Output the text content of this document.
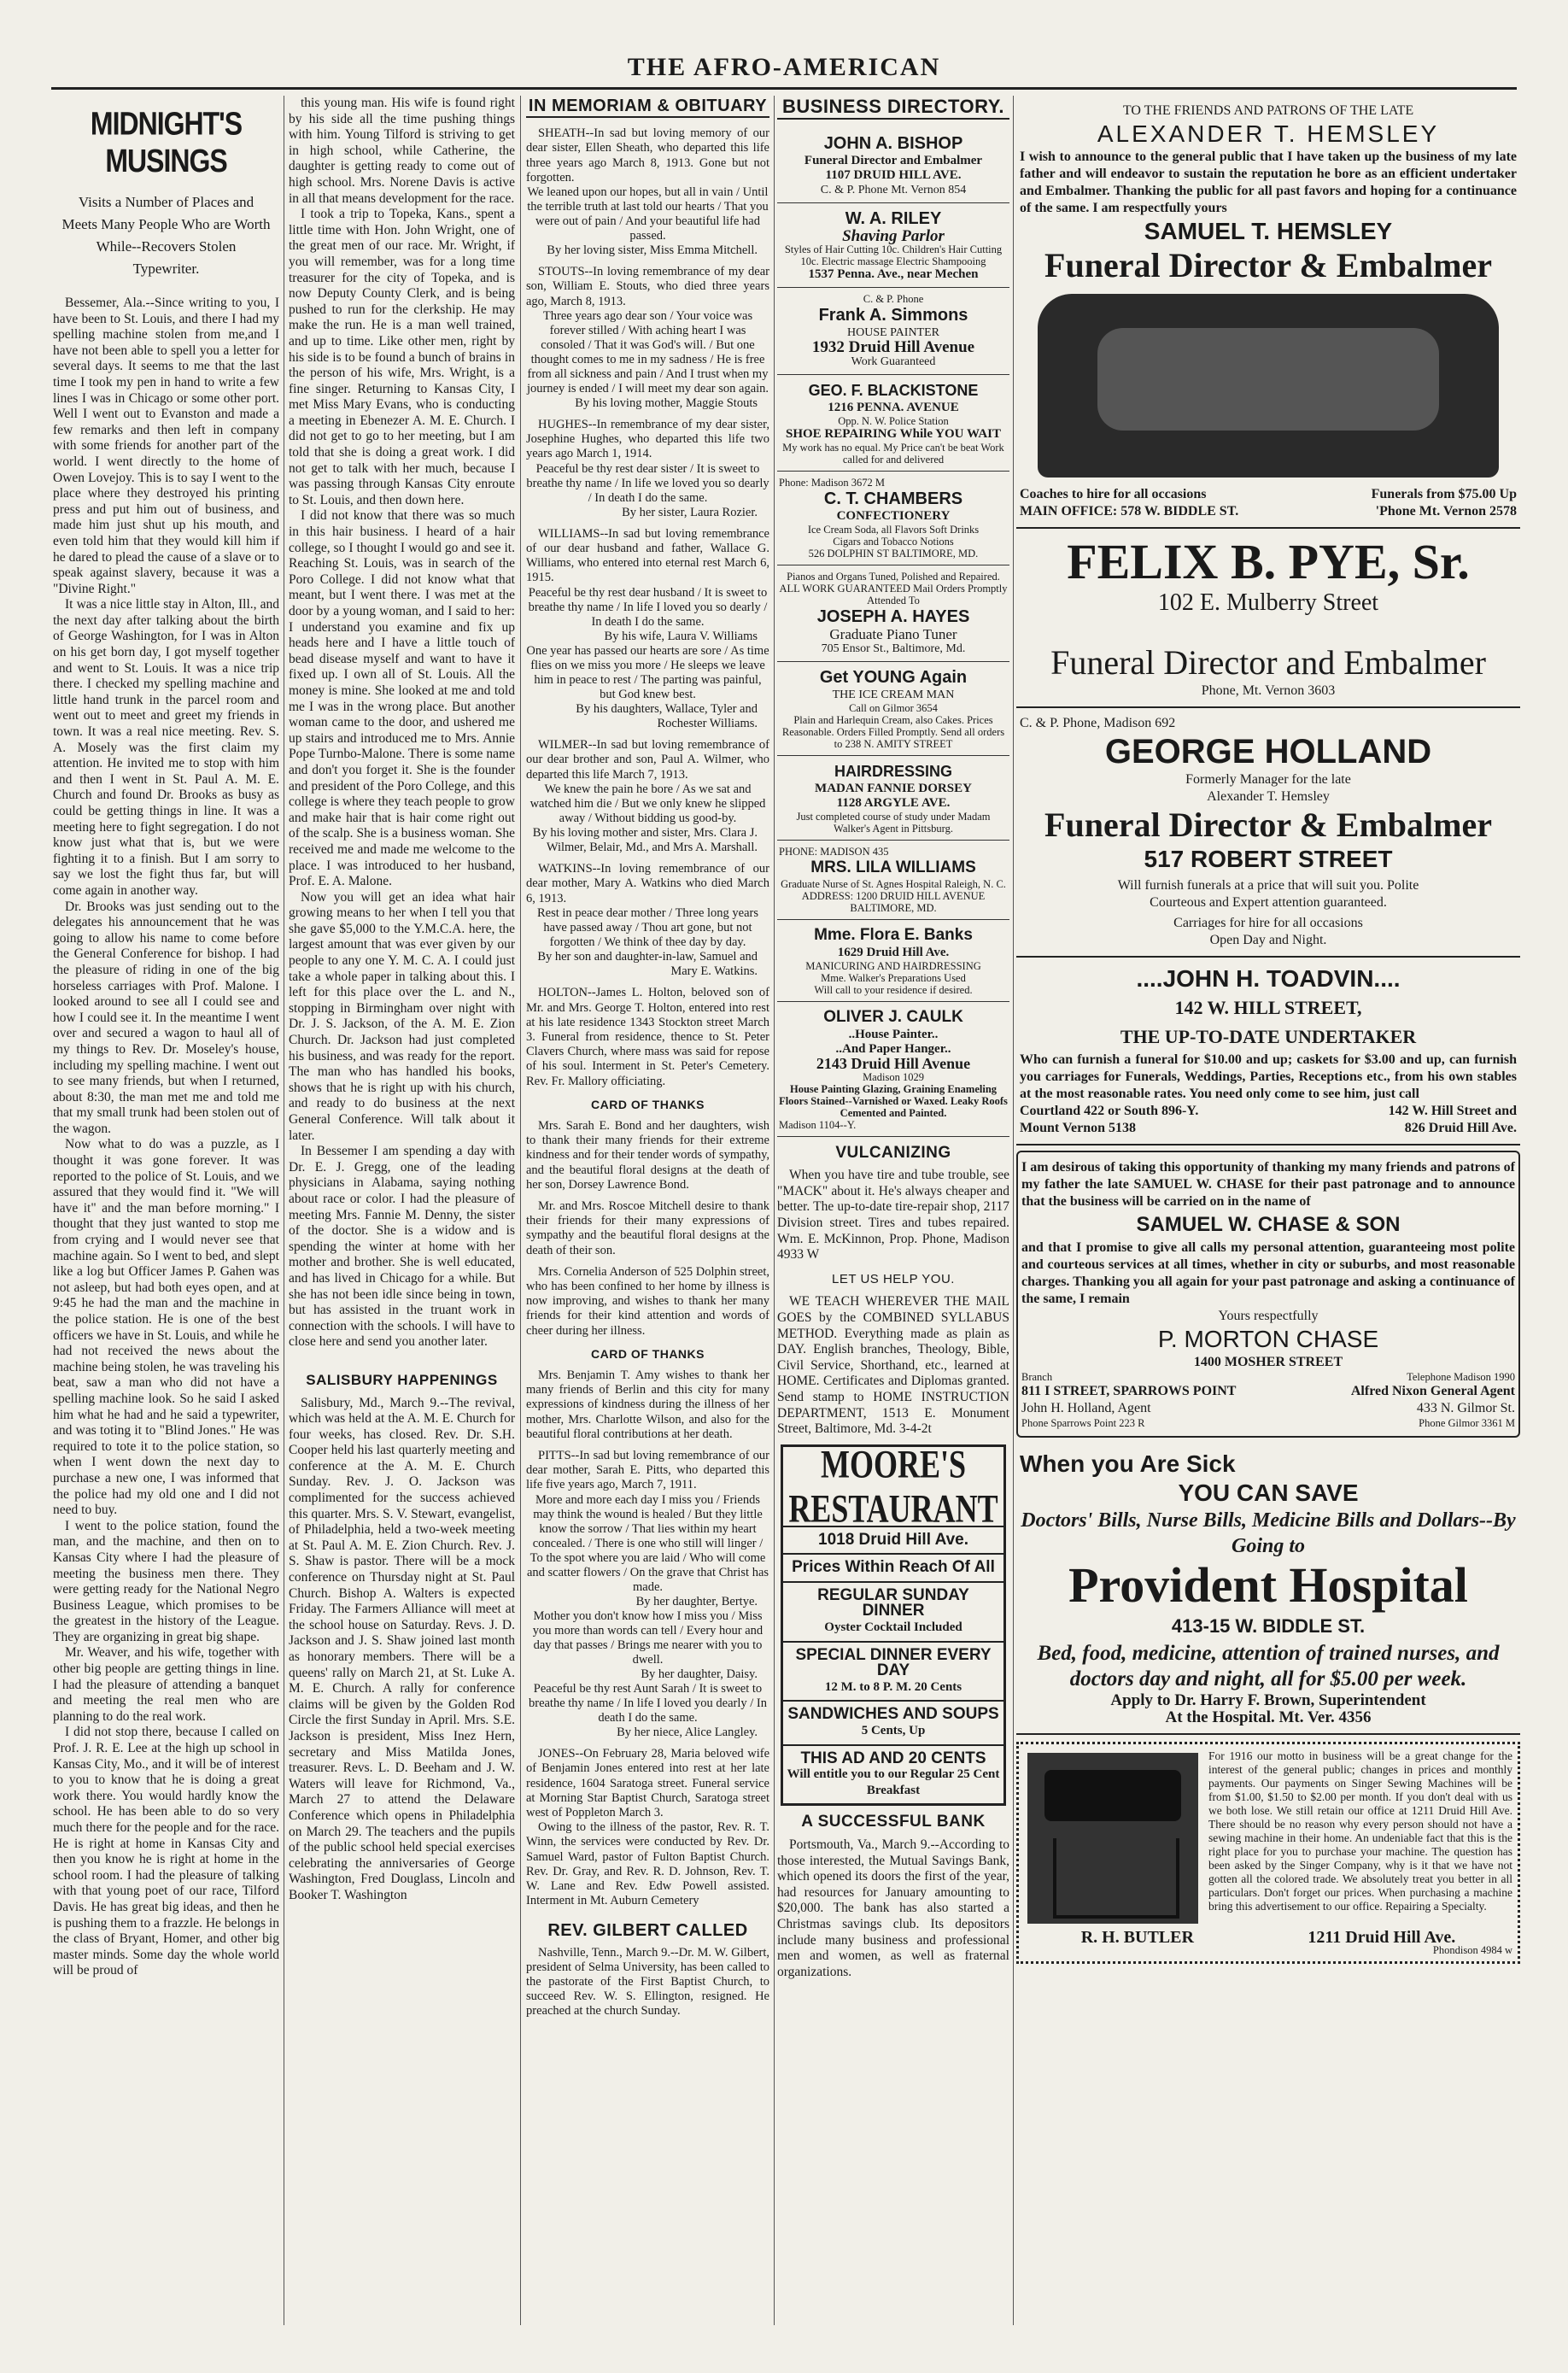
THE AFRO-AMERICAN
MIDNIGHT'S MUSINGS
Visits a Number of Places and Meets Many People Who are Worth While--Recovers Stolen Typewriter.

Bessemer, Ala.--Since writing to you, I have been to St. Louis, and there I had my spelling machine stolen from me,and I have not been able to spell you a letter for several days. It seems to me that the last time I took my pen in hand to write a few lines I was in Chicago or some other port. Well I went out to Evanston and made a few remarks and then left in company with some friends for another part of the world. I went directly to the home of Owen Lovejoy. This is to say I went to the place where they destroyed his printing press and put him out of business, and made him just shut up his mouth, and even told him that they would kill him if he dared to plead the cause of a slave or to speak against slavery, because it was a "Divine Right."

It was a nice little stay in Alton, Ill., and the next day after talking about the birth of George Washington, for I was in Alton on his get born day, I got myself together and went to St. Louis. It was a nice trip there. I checked my spelling machine and little hand trunk in the parcel room and went out to meet and greet my friends in town. It was a real nice meeting. Rev. S. A. Mosely was the first claim my attention. He invited me to stop with him and then I went in St. Paul A. M. E. Church and found Dr. Brooks as busy as could be getting things in line. It was a meeting here to fight segregation. I do not know just what that is, but we were fighting it to a finish. But I am sorry to say we lost the fight thus far, but will come again in another way.

Dr. Brooks was just sending out to the delegates his announcement that he was going to allow his name to come before the General Conference for bishop. I had the pleasure of riding in one of the big horseless carriages with Prof. Malone. I looked around to see all I could see and how I could see it. In the meantime I went over and secured a wagon to haul all of my things to Rev. Dr. Moseley's house, including my spelling machine. I went out to see many friends, but when I returned, about 8:30, the man met me and told me that my small trunk had been stolen out of the wagon.

Now what to do was a puzzle, as I thought it was gone forever. It was reported to the police of St. Louis, and we assured that they would find it. "We will have it" and the man before morning." I thought that they just wanted to stop me from crying and I would never see that machine again. So I went to bed, and slept like a log but Officer James P. Gahen was not asleep, but had both eyes open, and at 9:45 he had the man and the machine in the police station. He is one of the best officers we have in St. Louis, and while he had not received the news about the machine being stolen, he was traveling his beat, saw a man who did not have a spelling machine look. So he said I asked him what he had and he said a typewriter, and was toting it to "Blind Jones." He was required to tote it to the police station, so when I went down the next day to purchase a new one, I was informed that the police had my old one and I did not need to buy.

I went to the police station, found the man, and the machine, and then on to Kansas City where I had the pleasure of meeting the business men there. They were getting ready for the National Negro Business League, which promises to be the greatest in the history of the League. They are organizing in great big shape.

Mr. Weaver, and his wife, together with other big people are getting things in line. I had the pleasure of attending a banquet and meeting the real men who are planning to do the real work.

I did not stop there, because I called on Prof. J. R. E. Lee at the high up school in Kansas City, Mo., and it will be of interest to you to know that he is doing a great work there. You would hardly know the school. He has been able to do so very much there for the people and for the race. He is right at home in Kansas City and then you know he is right at home in the school room. I had the pleasure of talking with that young poet of our race, Tilford Davis. He has great big ideas, and then he is pushing them to a frazzle. He belongs in the class of Bryant, Homer, and other big master minds. Some day the whole world will be proud of

this young man. His wife is found right by his side all the time pushing things with him. Young Tilford is striving to get in high school, while Catherine, the daughter is getting ready to come out of high school. Mrs. Norene Davis is active in all that means development for the race.

I took a trip to Topeka, Kans., spent a little time with Hon. John Wright, one of the great men of our race. Mr. Wright, if you will remember, was for a long time treasurer for the city of Topeka, and is now Deputy County Clerk, and is being pushed to run for the clerkship. He may make the run. He is a man well trained, and up to time. Like other men, right by his side is to be found a bunch of brains in the person of his wife, Mrs. Wright, is a fine singer. Returning to Kansas City, I met Miss Mary Evans, who is conducting a meeting in Ebenezer A. M. E. Church. I did not get to go to her meeting, but I am told that she is doing a great work. I did not get to talk with her much, because I was passing through Kansas City enroute to St. Louis, and then down here.

I did not know that there was so much in this hair business. I heard of a hair college, so I thought I would go and see it. Reaching St. Louis, was in search of the Poro College. I did not know what that meant, but I went there. I was met at the door by a young woman, and I said to her: I understand you examine and fix up heads here and I have a little touch of bead disease myself and want to have it fixed up. I own all of St. Louis. All the money is mine. She looked at me and told me I was in the wrong place. But another woman came to the door, and ushered me up stairs and introduced me to Mrs. Annie Pope Turnbo-Malone. There is some name and don't you forget it. She is the founder and president of the Poro College, and this college is where they teach people to grow and make hair that is hair come right out of the scalp. She is a business woman. She received me and made me welcome to the place. I was introduced to her husband, Prof. E. A. Malone.

Now you will get an idea what hair growing means to her when I tell you that she gave $5,000 to the Y.M.C.A. here, the largest amount that was ever given by our people to any one Y. M. C. A. I could just take a whole paper in talking about this. I left for this place over the L. and N., stopping in Birmingham over night with Dr. J. S. Jackson, of the A. M. E. Zion Church. Dr. Jackson had just completed his business, and was ready for the report. The man who has handled his books, shows that he is right up with his church, and ready to do business at the next General Conference. Will talk about it later.

In Bessemer I am spending a day with Dr. E. J. Gregg, one of the leading physicians in Alabama, saying nothing about race or color. I had the pleasure of meeting Mrs. Fannie M. Denny, the sister of the doctor. She is a widow and is spending the winter at home with her mother and brother. She is well educated, and has lived in Chicago for a while. But she has not been idle since being in town, but has assisted in the truant work in connection with the schools. I will have to close here and send you another later.

SALISBURY HAPPENINGS

Salisbury, Md., March 9.--The revival, which was held at the A. M. E. Church for four weeks, has closed. Rev. Dr. S.H. Cooper held his last quarterly meeting and conference at the A. M. E. Church Sunday. Rev. J. O. Jackson was complimented for the success achieved this quarter. Mrs. S. V. Stewart, evangelist, of Philadelphia, held a two-week meeting at St. Paul A. M. E. Zion Church. Rev. J. S. Shaw is pastor. There will be a mock conference on Thursday night at St. Paul Church. Bishop A. Walters is expected Friday. The Farmers Alliance will meet at the school house on Saturday. Revs. J. D. Jackson and J. S. Shaw joined last month as honorary members. There will be a queens' rally on March 21, at St. Luke A. M. E. Church. A rally for conference claims will be given by the Golden Rod Circle the first Sunday in April. Mrs. S.E. Jackson is president, Miss Inez Hern, secretary and Miss Matilda Jones, treasurer. Revs. L. D. Beeham and J. W. Waters will leave for Richmond, Va., March 27 to attend the Delaware Conference which opens in Philadelphia on March 29. The teachers and the pupils of the public school held special exercises celebrating the anniversaries of George Washington, Fred Douglass, Lincoln and Booker T. Washington

IN MEMORIAM & OBITUARY

SHEATH--In sad but loving memory of our dear sister, Ellen Sheath, who departed this life three years ago March 8, 1913. Gone but not forgotten.

We leaned upon our hopes, but all in vain / Until the terrible truth at last told our hearts / That you were out of pain / And your beautiful life had passed.

By her loving sister, Miss Emma Mitchell.

STOUTS--In loving remembrance of my dear son, William E. Stouts, who died three years ago, March 8, 1913.

Three years ago dear son / Your voice was forever stilled / With aching heart I was consoled / That it was God's will. / But one thought comes to me in my sadness / He is free from all sickness and pain / And I trust when my journey is ended / I will meet my dear son again.

By his loving mother, Maggie Stouts

HUGHES--In remembrance of my dear sister, Josephine Hughes, who departed this life two years ago March 1, 1914.

Peaceful be thy rest dear sister / It is sweet to breathe thy name / In life we loved you so dearly / In death I do the same.

By her sister, Laura Rozier.

WILLIAMS--In sad but loving remembrance of our dear husband and father, Wallace G. Williams, who entered into eternal rest March 6, 1915.

Peaceful be thy rest dear husband / It is sweet to breathe thy name / In life I loved you so dearly / In death I do the same.

By his wife, Laura V. Williams

One year has passed our hearts are sore / As time flies on we miss you more / He sleeps we leave him in peace to rest / The parting was painful, but God knew best.

By his daughters, Wallace, Tyler and Rochester Williams.

WILMER--In sad but loving remembrance of our dear brother and son, Paul A. Wilmer, who departed this life March 7, 1913.

We knew the pain he bore / As we sat and watched him die / But we only knew he slipped away / Without bidding us good-by.

By his loving mother and sister, Mrs. Clara J. Wilmer, Belair, Md., and Mrs A. Marshall.

WATKINS--In loving remembrance of our dear mother, Mary A. Watkins who died March 6, 1913.

Rest in peace dear mother / Three long years have passed away / Thou art gone, but not forgotten / We think of thee day by day.

By her son and daughter-in-law, Samuel and Mary E. Watkins.

HOLTON--James L. Holton, beloved son of Mr. and Mrs. George T. Holton, entered into rest at his late residence 1343 Stockton street March 3. Funeral from residence, thence to St. Peter Clavers Church, where mass was said for repose of his soul. Interment in St. Peter's Cemetery. Rev. Fr. Mallory officiating.

CARD OF THANKS

Mrs. Sarah E. Bond and her daughters, wish to thank their many friends for their extreme kindness and for their tender words of sympathy, and the beautiful floral designs at the death of her son, Dorsey Lawrence Bond.

Mr. and Mrs. Roscoe Mitchell desire to thank their friends for their many expressions of sympathy and the beautiful floral designs at the death of their son.

Mrs. Cornelia Anderson of 525 Dolphin street, who has been confined to her home by illness is now improving, and wishes to thank her many friends for their kind attention and words of cheer during her illness.

CARD OF THANKS

Mrs. Benjamin T. Amy wishes to thank her many friends of Berlin and this city for many expressions of kindness during the illness of her mother, Mrs. Charlotte Wilson, and also for the beautiful floral contributions at her death.

PITTS--In sad but loving remembrance of our dear mother, Sarah E. Pitts, who departed this life five years ago, March 7, 1911.

More and more each day I miss you / Friends may think the wound is healed / But they little know the sorrow / That lies within my heart concealed. / There is one who still will linger / To the spot where you are laid / Who will come and scatter flowers / On the grave that Christ has made.

By her daughter, Bertye.

Mother you don't know how I miss you / Miss you more than words can tell / Every hour and day that passes / Brings me nearer with you to dwell.

By her daughter, Daisy.

Peaceful be thy rest Aunt Sarah / It is sweet to breathe thy name / In life I loved you dearly / In death I do the same.

By her niece, Alice Langley.

JONES--On February 28, Maria beloved wife of Benjamin Jones entered into rest at her late residence, 1604 Saratoga street. Funeral service at Morning Star Baptist Church, Saratoga street west of Poppleton March 3.

Owing to the illness of the pastor, Rev. R. T. Winn, the services were conducted by Rev. Dr. Samuel Ward, pastor of Fulton Baptist Church. Rev. Dr. Gray, and Rev. R. D. Johnson, Rev. T. W. Lane and Rev. Edw Powell assisted. Interment in Mt. Auburn Cemetery

REV. GILBERT CALLED

Nashville, Tenn., March 9.--Dr. M. W. Gilbert, president of Selma University, has been called to the pastorate of the First Baptist Church, to succeed Rev. W. S. Ellington, resigned. He preached at the church Sunday.

BUSINESS DIRECTORY.
JOHN A. BISHOP
Funeral Director and Embalmer
1107 DRUID HILL AVE.
C. & P. Phone Mt. Vernon 854
W. A. RILEY
Shaving Parlor
Styles of Hair Cutting 10c. Children's Hair Cutting 10c. Electric massage Electric Shampooing
1537 Penna. Ave., near Mechen
C. & P. Phone
Frank A. Simmons
HOUSE PAINTER
1932 Druid Hill Avenue
Work Guaranteed
GEO. F. BLACKISTONE
1216 PENNA. AVENUE
Opp. N. W. Police Station
SHOE REPAIRING While YOU WAIT
My work has no equal. My Price can't be beat Work called for and delivered
Phone: Madison 3672 M
C. T. CHAMBERS
CONFECTIONERY
Ice Cream Soda, all Flavors Soft Drinks
Cigars and Tobacco Notions
526 DOLPHIN ST BALTIMORE, MD.
Pianos and Organs Tuned, Polished and Repaired. ALL WORK GUARANTEED Mail Orders Promptly Attended To
JOSEPH A. HAYES
Graduate Piano Tuner
705 Ensor St., Baltimore, Md.
Get YOUNG Again
THE ICE CREAM MAN
Call on Gilmor 3654
Plain and Harlequin Cream, also Cakes. Prices Reasonable. Orders Filled Promptly. Send all orders to 238 N. AMITY STREET
HAIRDRESSING
MADAN FANNIE DORSEY
1128 ARGYLE AVE.
Just completed course of study under Madam Walker's Agent in Pittsburg.
PHONE: MADISON 435
MRS. LILA WILLIAMS
Graduate Nurse of St. Agnes Hospital Raleigh, N. C.
ADDRESS: 1200 DRUID HILL AVENUE BALTIMORE, MD.
Mme. Flora E. Banks
1629 Druid Hill Ave.
MANICURING AND HAIRDRESSING
Mme. Walker's Preparations Used
Will call to your residence if desired.
OLIVER J. CAULK
..House Painter..
..And Paper Hanger..
2143 Druid Hill Avenue
Madison 1029
House Painting Glazing, Graining Enameling Floors Stained--Varnished or Waxed. Leaky Roofs Cemented and Painted.
Madison 1104--Y.
VULCANIZING

When you have tire and tube trouble, see "MACK" about it. He's always cheaper and better. The up-to-date tire-repair shop, 2117 Division street. Tires and tubes repaired. Wm. E. McKinnon, Prop. Phone, Madison 4933 W

LET US HELP YOU.

WE TEACH WHEREVER THE MAIL GOES by the COMBINED SYLLABUS METHOD. Everything made as plain as DAY. English branches, Theology, Bible, Civil Service, Shorthand, etc., learned at HOME. Certificates and Diplomas granted. Send stamp to HOME INSTRUCTION DEPARTMENT, 1513 E. Monument Street, Baltimore, Md. 3-4-2t

MOORE'S RESTAURANT
1018 Druid Hill Ave.
Prices Within Reach Of All
REGULAR SUNDAY DINNER
Oyster Cocktail Included
SPECIAL DINNER EVERY DAY
12 M. to 8 P. M. 20 Cents
SANDWICHES AND SOUPS
5 Cents, Up
THIS AD AND 20 CENTS
Will entitle you to our Regular 25 Cent Breakfast
A SUCCESSFUL BANK

Portsmouth, Va., March 9.--According to those interested, the Mutual Savings Bank, which opened its doors the first of the year, had resources for January amounting to $20,000. The bank has also started a Christmas savings club. Its depositors include many business and professional men and women, as well as fraternal organizations.

TO THE FRIENDS AND PATRONS OF THE LATE
ALEXANDER T. HEMSLEY
I wish to announce to the general public that I have taken up the business of my late father and will endeavor to sustain the reputation he bore as an efficient undertaker and Embalmer. Thanking the public for all past favors and hoping for a continuance of the same. I am respectfully yours
SAMUEL T. HEMSLEY
Funeral Director & Embalmer
Coaches to hire for all occasions	Funerals from $75.00 Up
MAIN OFFICE: 578 W. BIDDLE ST.	'Phone Mt. Vernon 2578
FELIX B. PYE, Sr.
102 E. Mulberry Street
Funeral Director and Embalmer
Phone, Mt. Vernon 3603
C. & P. Phone, Madison 692
GEORGE HOLLAND
Formerly Manager for the late
Alexander T. Hemsley
Funeral Director & Embalmer
517 ROBERT STREET
Will furnish funerals at a price that will suit you. Polite Courteous and Expert attention guaranteed.
Carriages for hire for all occasions
Open Day and Night.
....JOHN H. TOADVIN....
142 W. HILL STREET,
THE UP-TO-DATE UNDERTAKER
Who can furnish a funeral for $10.00 and up; caskets for $3.00 and up, can furnish you carriages for Funerals, Weddings, Parties, Receptions etc., from his own stables at the most reasonable rates. You need only come to see him, just call
Courtland 422 or South 896-Y.	142 W. Hill Street and
Mount Vernon 5138	826 Druid Hill Ave.
I am desirous of taking this opportunity of thanking my many friends and patrons of my father the late SAMUEL W. CHASE for their past patronage and to announce that the business will be carried on in the name of
SAMUEL W. CHASE & SON
and that I promise to give all calls my personal attention, guaranteeing most polite and courteous services at all times, whether in city or suburbs, and most reasonable charges. Thanking you all again for your past patronage and asking a continuance of the same, I remain
Yours respectfully
P. MORTON CHASE
1400 MOSHER STREET
Branch	Telephone Madison 1990
811 I STREET, SPARROWS POINT	Alfred Nixon General Agent
John H. Holland, Agent	433 N. Gilmor St.
Phone Sparrows Point 223 R	Phone Gilmor 3361 M
When you Are Sick
YOU CAN SAVE
Doctors' Bills, Nurse Bills, Medicine Bills and Dollars--By Going to
Provident Hospital
413-15 W. BIDDLE ST.
Bed, food, medicine, attention of trained nurses, and doctors day and night, all for $5.00 per week.
Apply to Dr. Harry F. Brown, Superintendent
At the Hospital. Mt. Ver. 4356
For 1916 our motto in business will be a great change for the interest of the general public; changes in prices and monthly payments. Our payments on Singer Sewing Machines will be from $1.00, $1.50 to $2.00 per month. If you don't deal with us we both lose. We still retain our office at 1211 Druid Hill Ave. There should be no reason why every person should not have a sewing machine in their home. An undeniable fact that this is the right place for you to purchase your machine. The question has been asked by the Singer Company, why is it that we have not gotten all the colored trade. We absolutely treat you better in all particulars. Don't forget our prices. When purchasing a machine bring this advertisement to our office. Repairing a Specialty.
R. H. BUTLER	1211 Druid Hill Ave.
Phondison 4984 w
